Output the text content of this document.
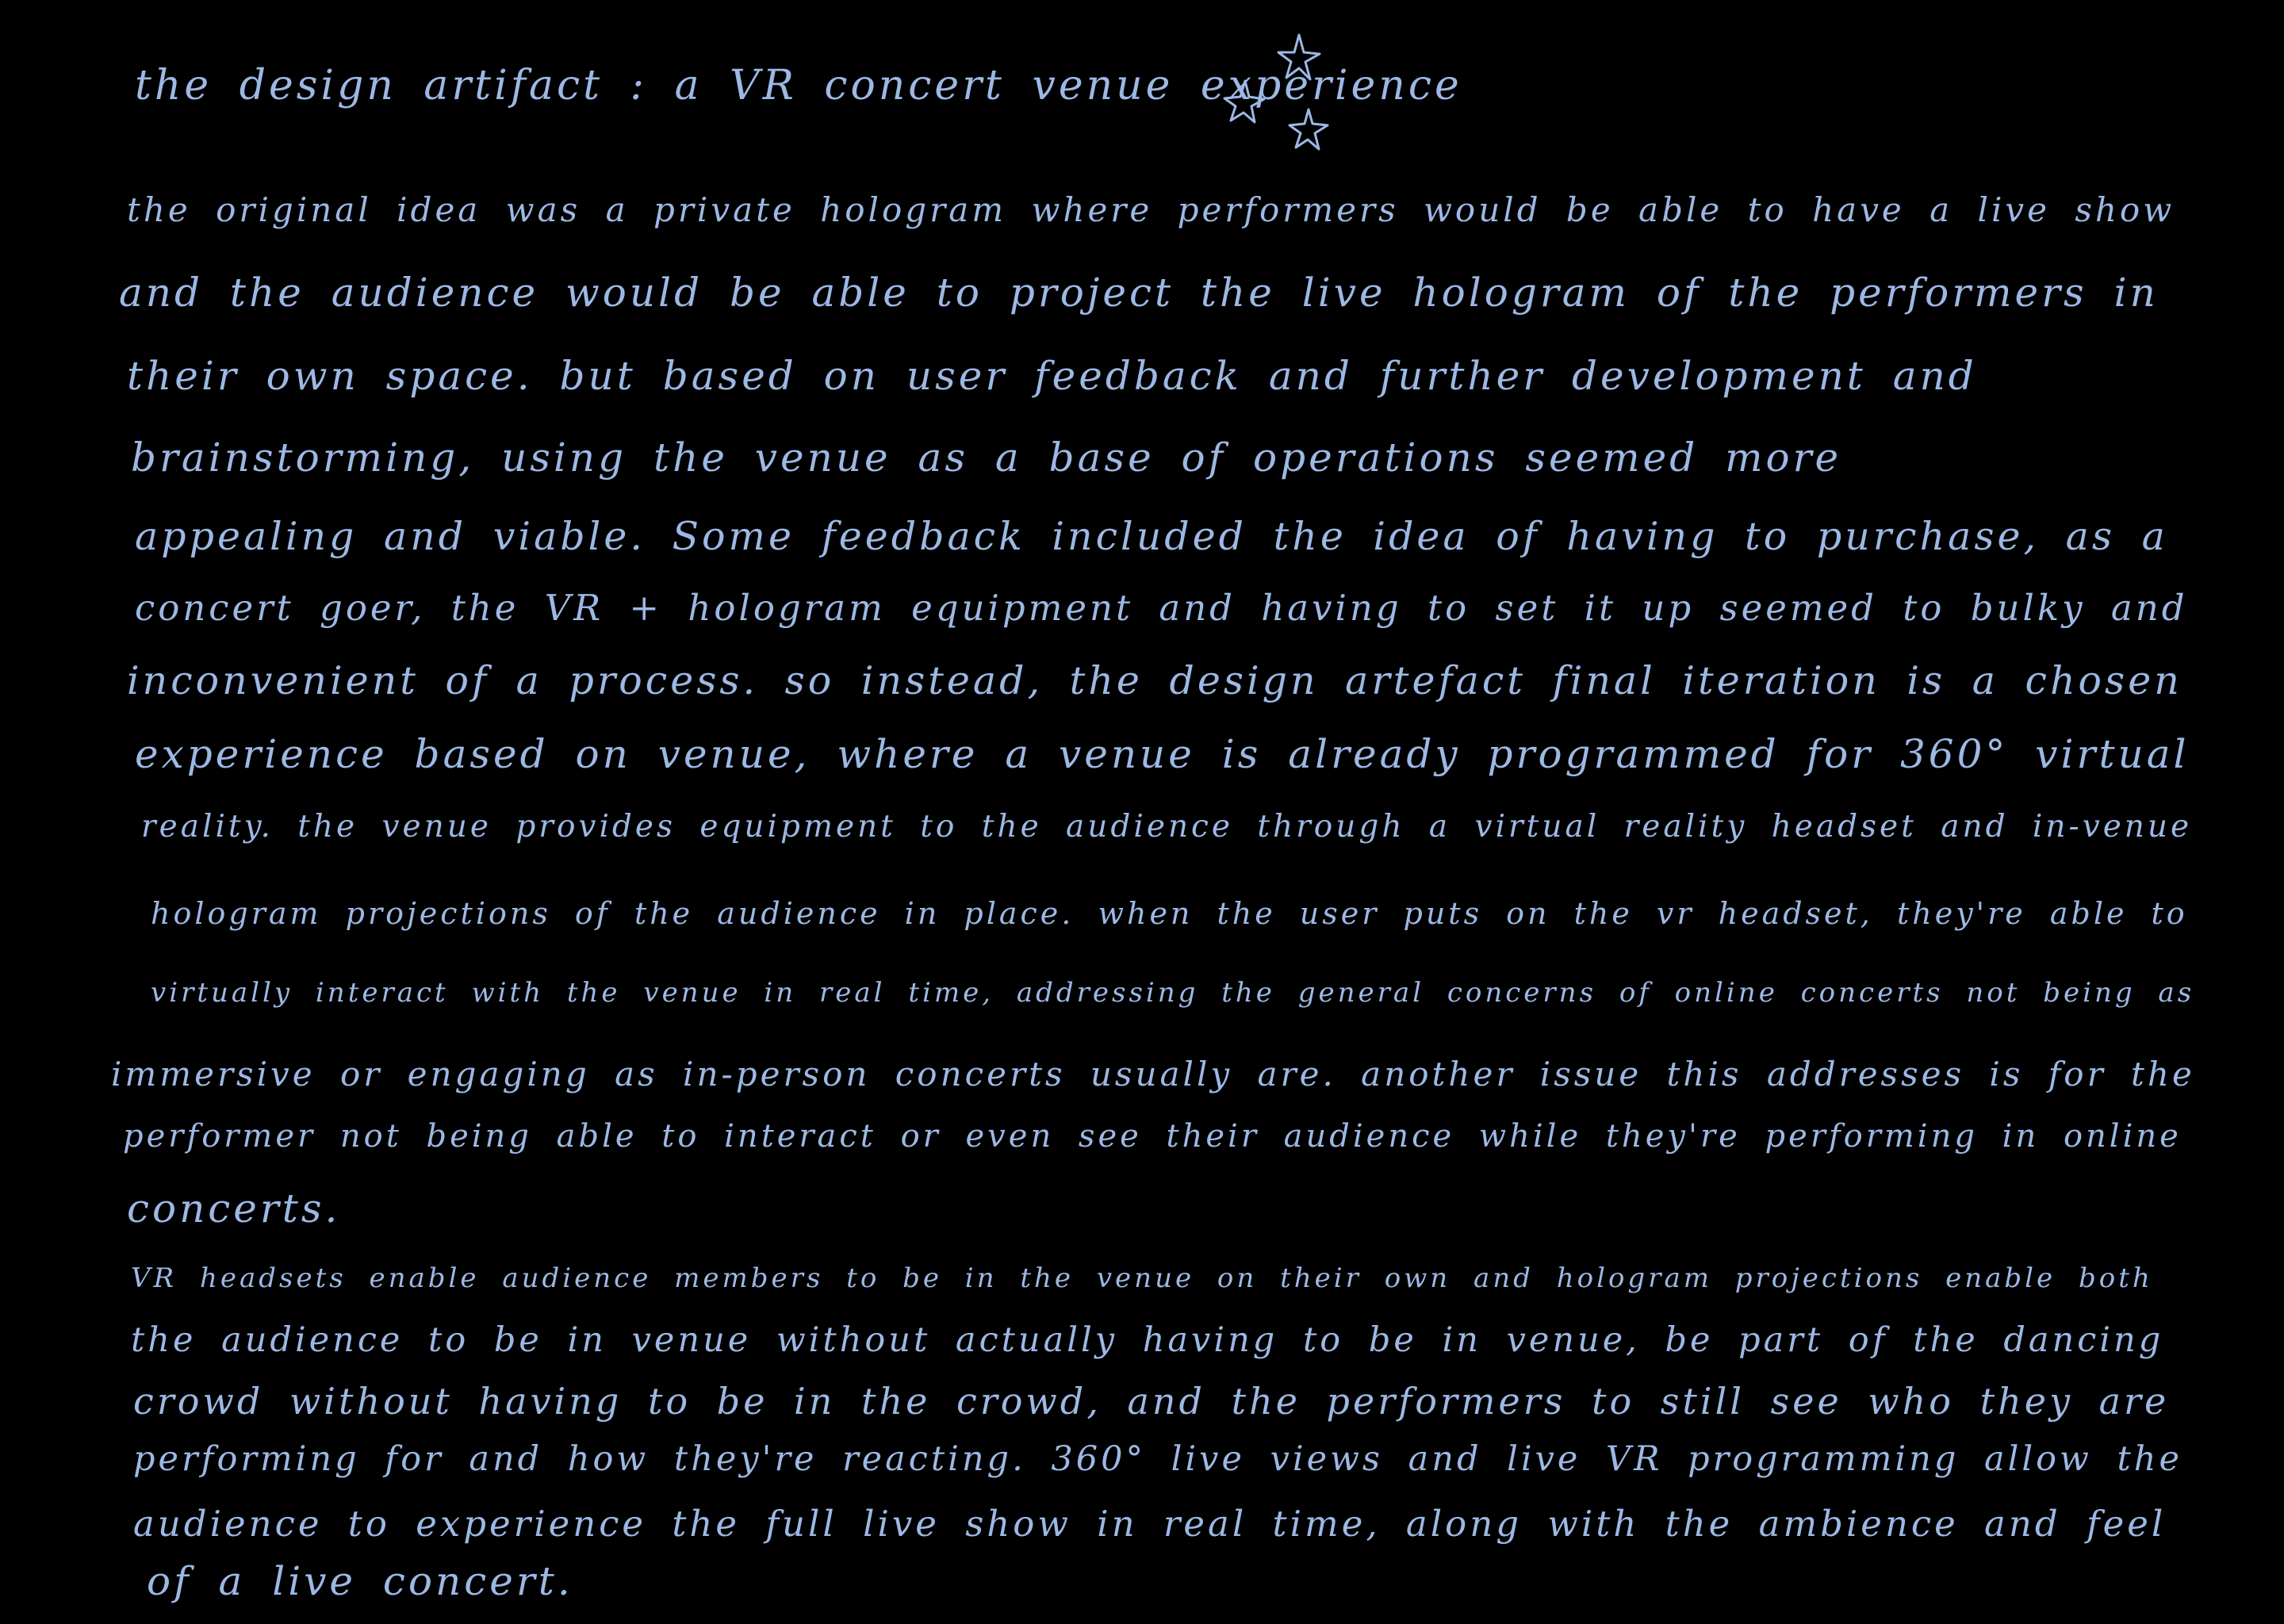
the design artifact : a VR concert venue experience
the original idea was a private hologram where performers would be able to have a live show
and the audience would be able to project the live hologram of the performers in
their own space. but based on user feedback and further development and
brainstorming, using the venue as a base of operations seemed more
appealing and viable. Some feedback included the idea of having to purchase, as a
concert goer, the VR + hologram equipment and having to set it up seemed to bulky and
inconvenient of a process. so instead, the design artefact final iteration is a chosen
experience based on venue, where a venue is already programmed for 360° virtual
reality. the venue provides equipment to the audience through a virtual reality headset and in-venue
hologram projections of the audience in place. when the user puts on the vr headset, they're able to
virtually interact with the venue in real time, addressing the general concerns of online concerts not being as
immersive or engaging as in-person concerts usually are. another issue this addresses is for the
performer not being able to interact or even see their audience while they're performing in online
concerts.
VR headsets enable audience members to be in the venue on their own and hologram projections enable both
the audience to be in venue without actually having to be in venue, be part of the dancing
crowd without having to be in the crowd, and the performers to still see who they are
performing for and how they're reacting. 360° live views and live VR programming allow the
audience to experience the full live show in real time, along with the ambience and feel
of a live concert.
